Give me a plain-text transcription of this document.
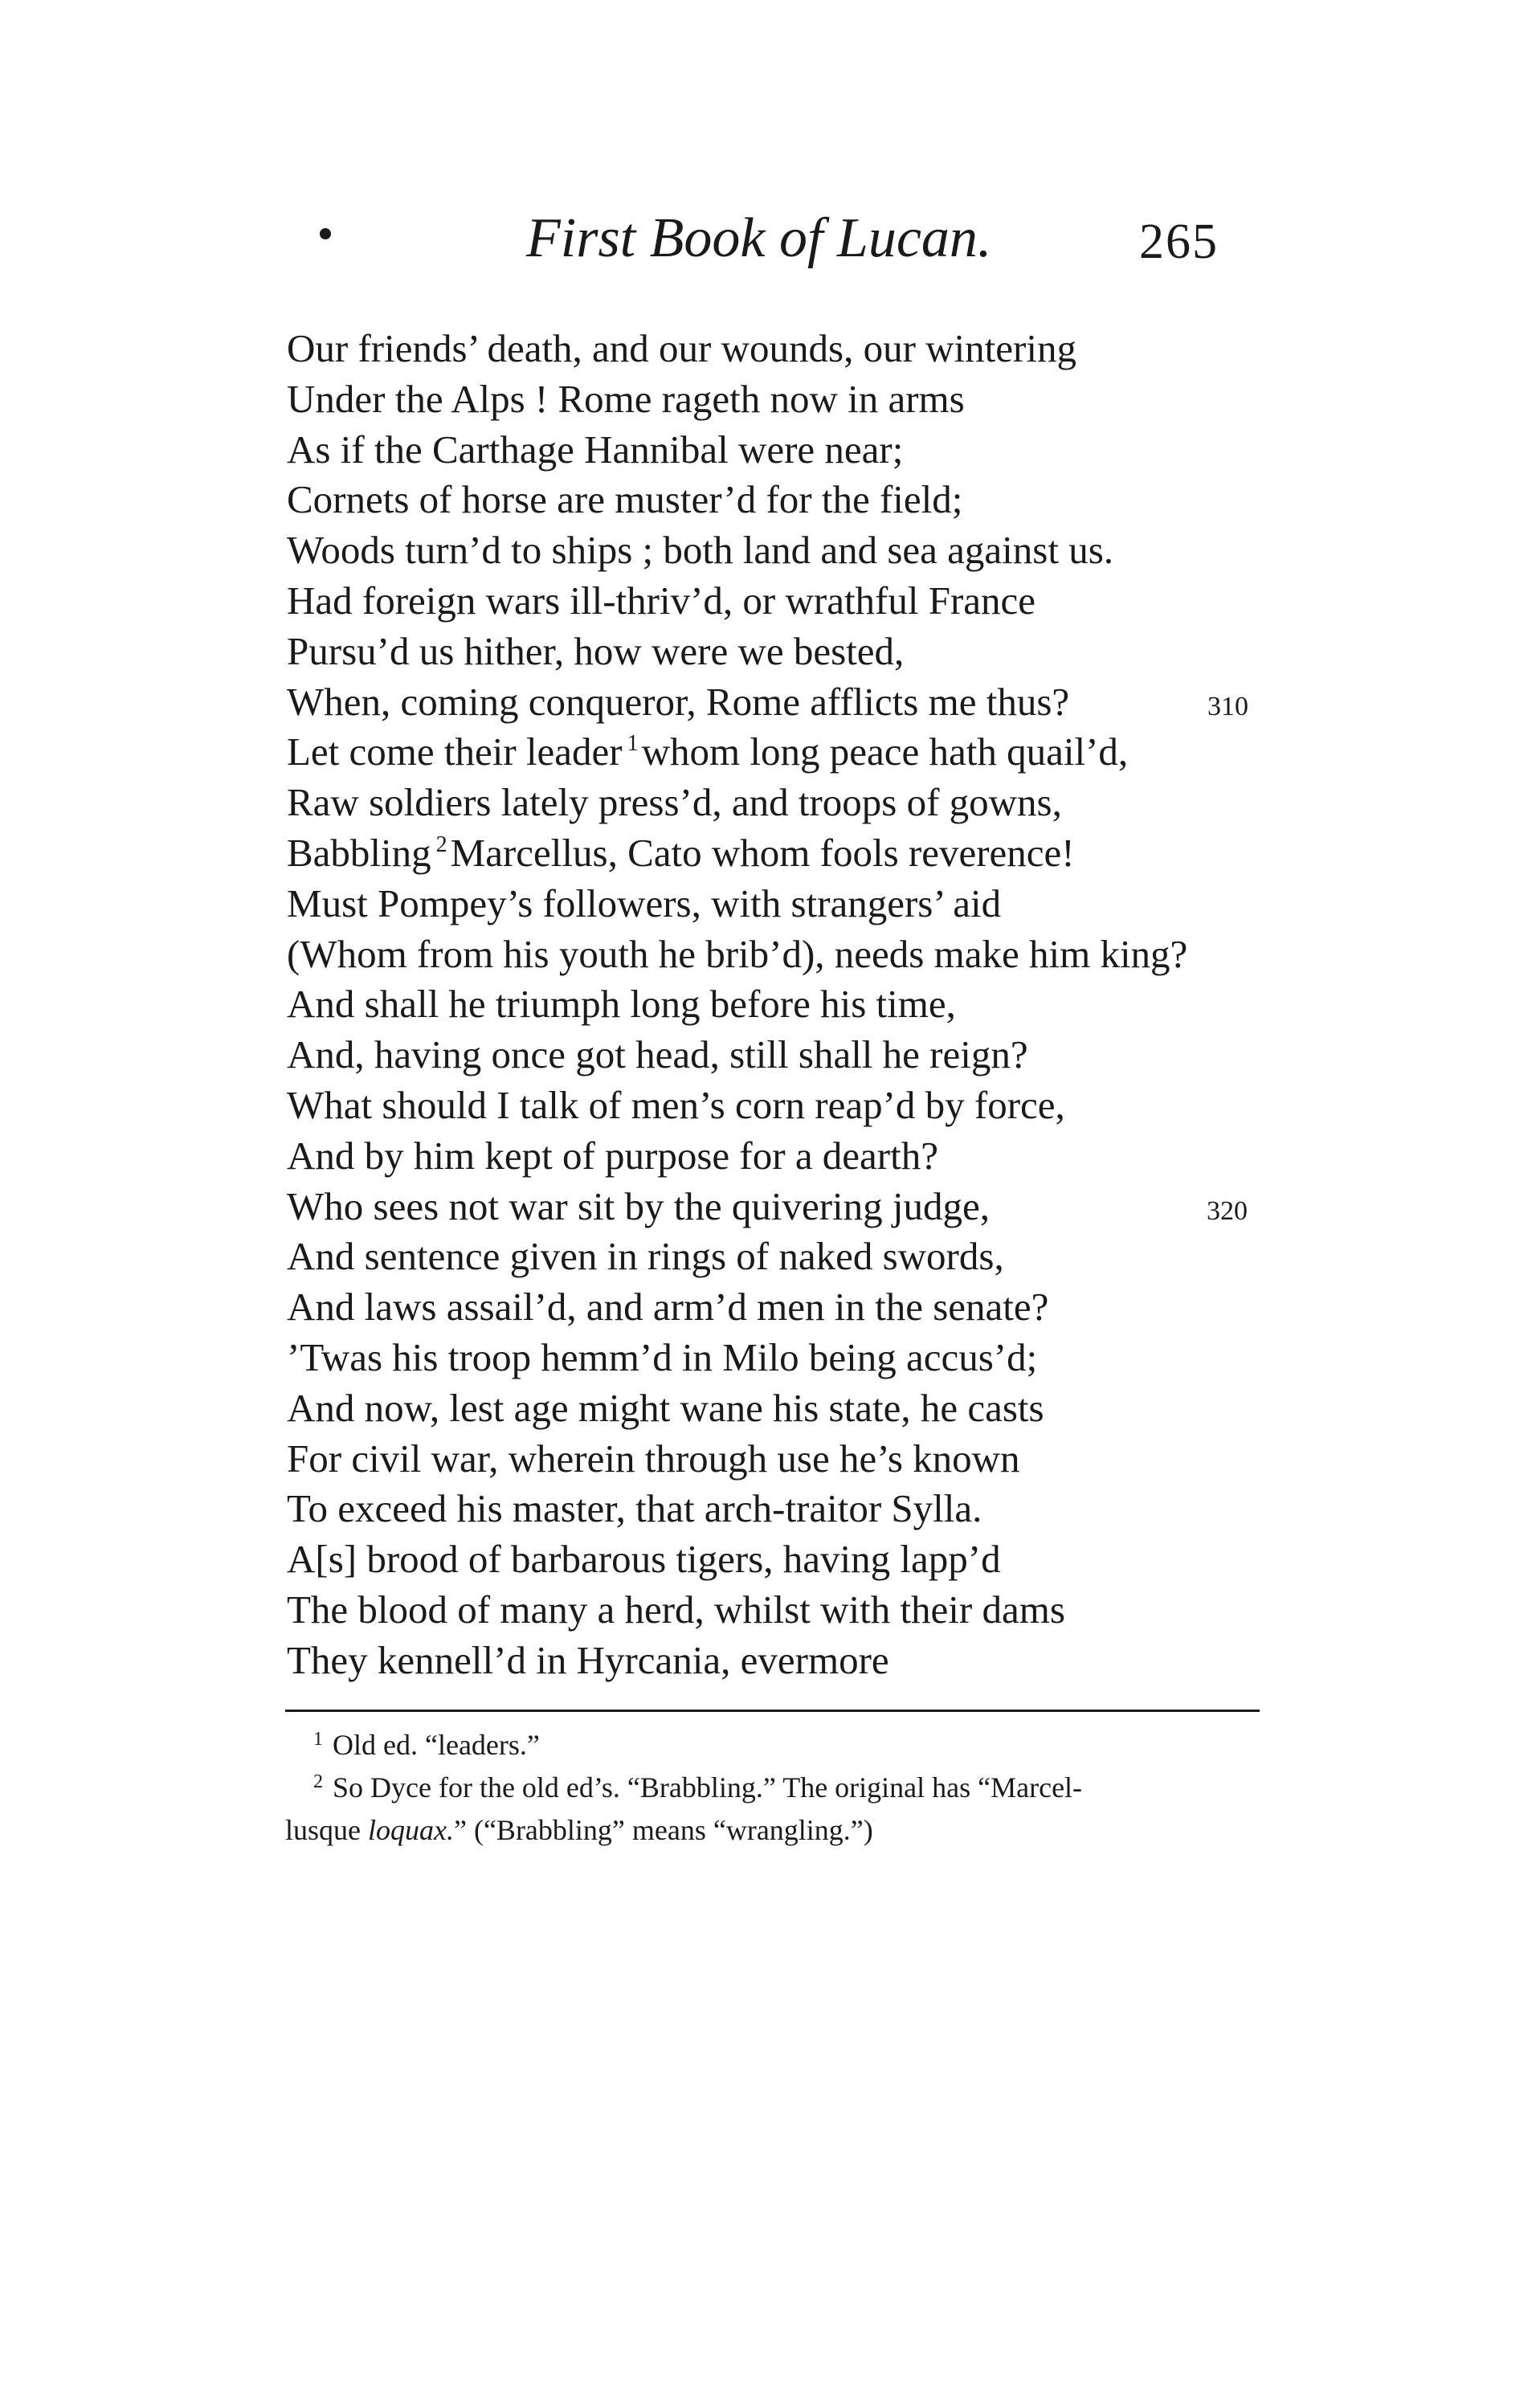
First Book of Lucan.	265
Our friends’ death, and our wounds, our wintering
Under the Alps ! Rome rageth now in arms
As if the Carthage Hannibal were near;
Cornets of horse are muster’d for the field;
Woods turn’d to ships ; both land and sea against us.
Had foreign wars ill-thriv’d, or wrathful France
Pursu’d us hither, how were we bested,
When, coming conqueror, Rome afflicts me thus?	310
Let come their leader $^1$whom long peace hath quail’d,
Raw soldiers lately press’d, and troops of gowns,
Babbling $^2$Marcellus, Cato whom fools reverence!
Must Pompey’s followers, with strangers’ aid
(Whom from his youth he brib’d), needs make him king?
And shall he triumph long before his time,
And, having once got head, still shall he reign?
What should I talk of men’s corn reap’d by force,
And by him kept of purpose for a dearth?
Who sees not war sit by the quivering judge,	320
And sentence given in rings of naked swords,
And laws assail’d, and arm’d men in the senate?
’Twas his troop hemm’d in Milo being accus’d;
And now, lest age might wane his state, he casts
For civil war, wherein through use he’s known
To exceed his master, that arch-traitor Sylla.
A[s] brood of barbarous tigers, having lapp’d
The blood of many a herd, whilst with their dams
They kennell’d in Hyrcania, evermore
$^1$ Old ed. “leaders.”
$^2$ So Dyce for the old ed’s. “Brabbling.” The original has “Marcel-
lusque loquax.” (“Brabbling” means “wrangling.”)
